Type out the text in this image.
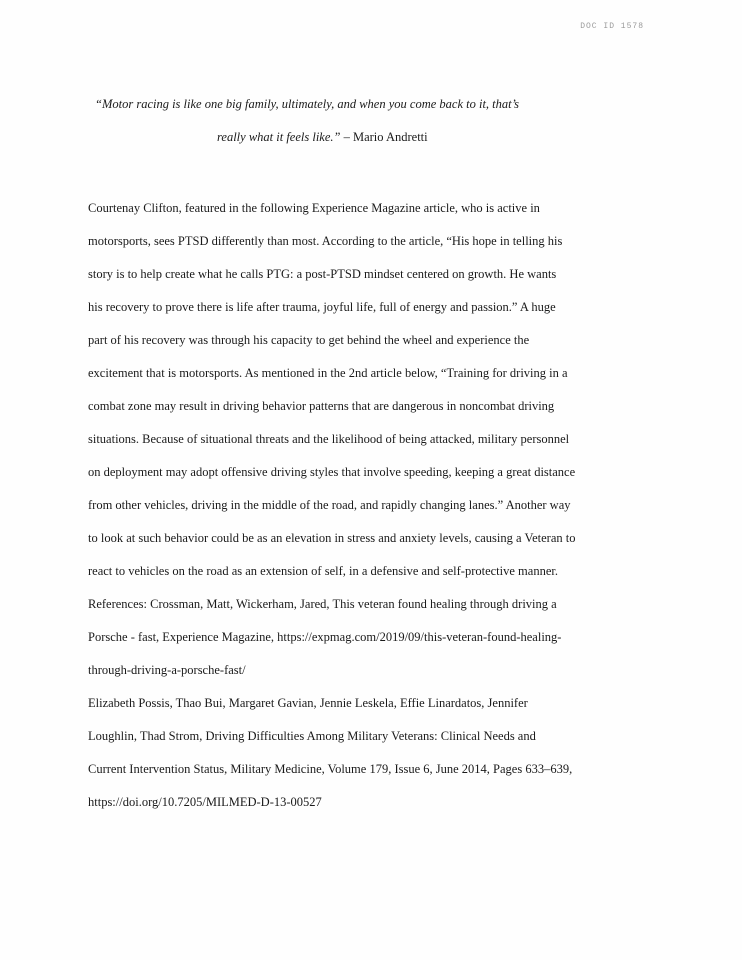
DOC ID 1578
“Motor racing is like one big family, ultimately, and when you come back to it, that’s
really what it feels like.” – Mario Andretti
Courtenay Clifton, featured in the following Experience Magazine article, who is active in
motorsports, sees PTSD differently than most. According to the article, “His hope in telling his
story is to help create what he calls PTG: a post-PTSD mindset centered on growth. He wants
his recovery to prove there is life after trauma, joyful life, full of energy and passion.” A huge
part of his recovery was through his capacity to get behind the wheel and experience the
excitement that is motorsports. As mentioned in the 2nd article below, “Training for driving in a
combat zone may result in driving behavior patterns that are dangerous in noncombat driving
situations. Because of situational threats and the likelihood of being attacked, military personnel
on deployment may adopt offensive driving styles that involve speeding, keeping a great distance
from other vehicles, driving in the middle of the road, and rapidly changing lanes.” Another way
to look at such behavior could be as an elevation in stress and anxiety levels, causing a Veteran to
react to vehicles on the road as an extension of self, in a defensive and self-protective manner.
References: Crossman, Matt, Wickerham, Jared, This veteran found healing through driving a
Porsche - fast, Experience Magazine, https://expmag.com/2019/09/this-veteran-found-healing-
through-driving-a-porsche-fast/
Elizabeth Possis, Thao Bui, Margaret Gavian, Jennie Leskela, Effie Linardatos, Jennifer
Loughlin, Thad Strom, Driving Difficulties Among Military Veterans: Clinical Needs and
Current Intervention Status, Military Medicine, Volume 179, Issue 6, June 2014, Pages 633–639,
https://doi.org/10.7205/MILMED-D-13-00527
